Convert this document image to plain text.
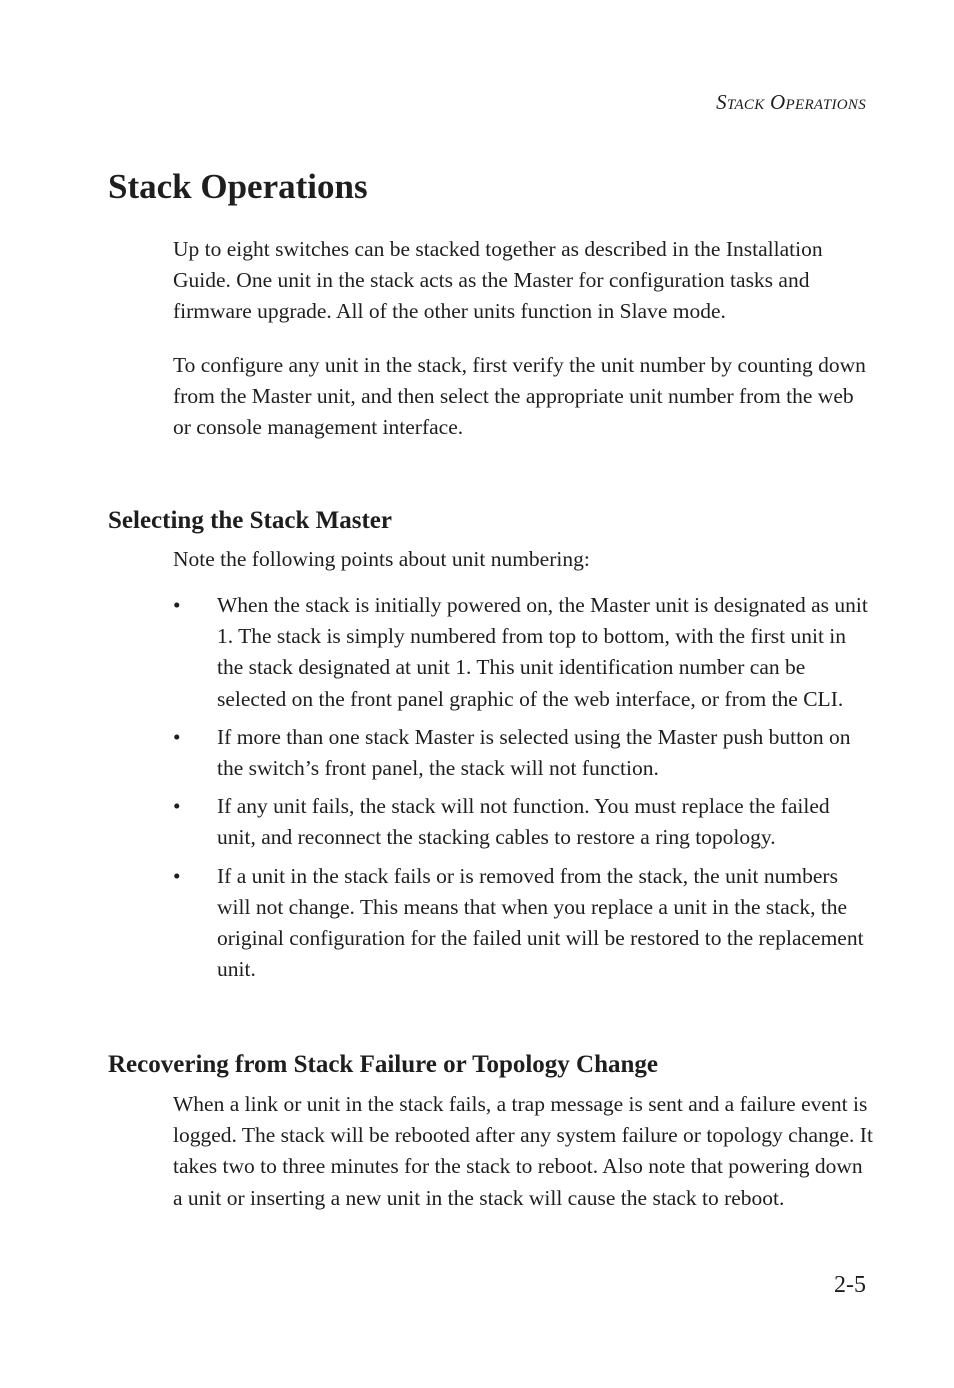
Stack Operations
Stack Operations

Up to eight switches can be stacked together as described in the Installation Guide. One unit in the stack acts as the Master for configuration tasks and firmware upgrade. All of the other units function in Slave mode.

To configure any unit in the stack, first verify the unit number by counting down from the Master unit, and then select the appropriate unit number from the web or console management interface.

Selecting the Stack Master

Note the following points about unit numbering:

• When the stack is initially powered on, the Master unit is designated as unit 1. The stack is simply numbered from top to bottom, with the first unit in the stack designated at unit 1. This unit identification number can be selected on the front panel graphic of the web interface, or from the CLI.
• If more than one stack Master is selected using the Master push button on the switch’s front panel, the stack will not function.
• If any unit fails, the stack will not function. You must replace the failed unit, and reconnect the stacking cables to restore a ring topology.
• If a unit in the stack fails or is removed from the stack, the unit numbers will not change. This means that when you replace a unit in the stack, the original configuration for the failed unit will be restored to the replacement unit.
Recovering from Stack Failure or Topology Change

When a link or unit in the stack fails, a trap message is sent and a failure event is logged. The stack will be rebooted after any system failure or topology change. It takes two to three minutes for the stack to reboot. Also note that powering down a unit or inserting a new unit in the stack will cause the stack to reboot.

2-5
